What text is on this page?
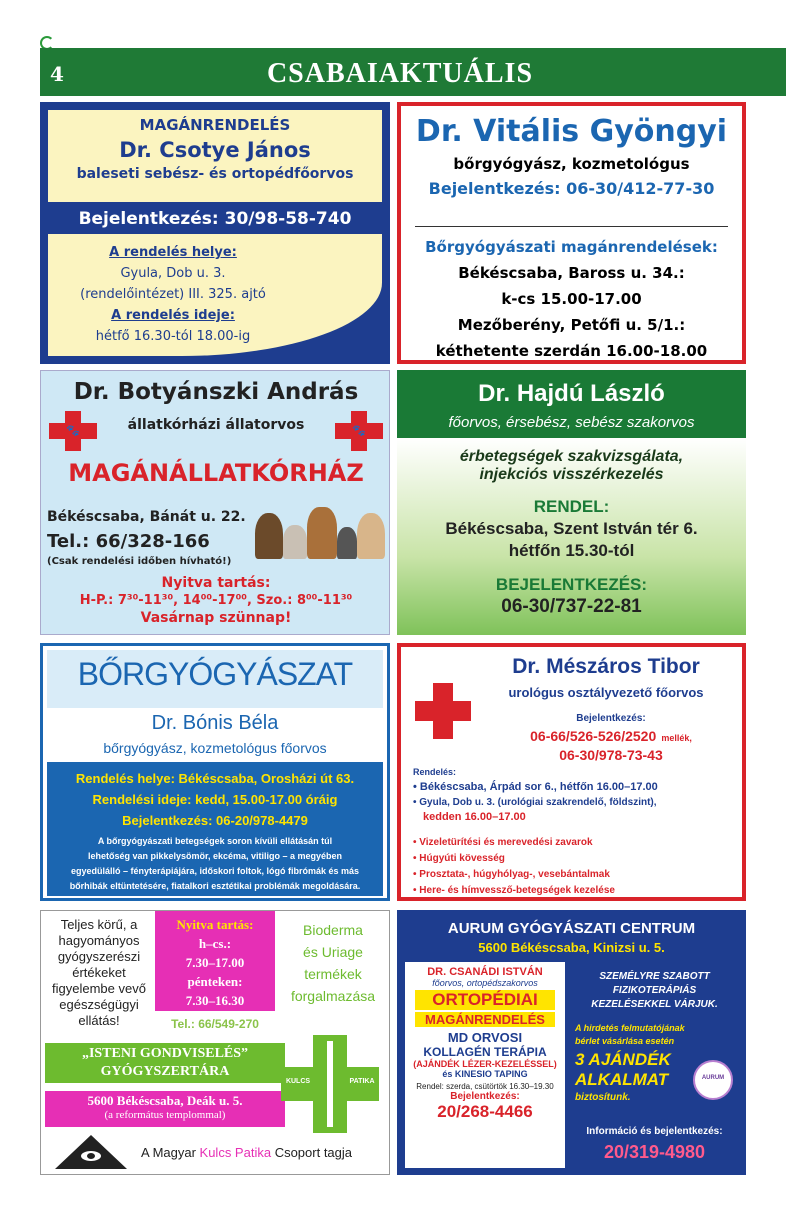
4	CSABAIAKTUÁLIS
MAGÁNRENDELÉS
Dr. Csotye János
baleseti sebész- és ortopédfőorvos
Bejelentkezés: 30/98-58-740
A rendelés helye:
Gyula, Dob u. 3.
(rendelőintézet) III. 325. ajtó
A rendelés ideje:
hétfő 16.30-tól 18.00-ig
Dr. Vitális Gyöngyi
bőrgyógyász, kozmetológus
Bejelentkezés: 06-30/412-77-30
Bőrgyógyászati magánrendelések:
Békéscsaba, Baross u. 34.:
k-cs 15.00-17.00
Mezőberény, Petőfi u. 5/1.:
kéthetente szerdán 16.00-18.00
Dr. Botyánszki András
állatkórházi állatorvos
🐾	🐾
MAGÁNÁLLATKÓRHÁZ
Békéscsaba, Bánát u. 22.
Tel.: 66/328-166
(Csak rendelési időben hívható!)
Nyitva tartás:
H-P.: 7³⁰-11³⁰, 14⁰⁰-17⁰⁰, Szo.: 8⁰⁰-11³⁰
Vasárnap szünnap!
Dr. Hajdú László
főorvos, érsebész, sebész szakorvos
érbetegségek szakvizsgálata,
injekciós visszérkezelés
RENDEL:
Békéscsaba, Szent István tér 6.
hétfőn 15.30-tól
BEJELENTKEZÉS:
06-30/737-22-81
BŐRGYÓGYÁSZAT
Dr. Bónis Béla
bőrgyógyász, kozmetológus főorvos
Rendelés helye: Békéscsaba, Orosházi út 63.
Rendelési ideje: kedd, 15.00-17.00 óráig
Bejelentkezés: 06-20/978-4479
A bőrgyógyászati betegségek soron kívüli ellátásán túl
lehetőség van pikkelysömör, ekcéma, vitiligo – a megyében
egyedülálló – fényterápiájára, időskori foltok, lógó fibrómák és más
bőrhibák eltüntetésére, fiatalkori esztétikai problémák megoldására.
Dr. Mészáros Tibor
urológus osztályvezető főorvos
Bejelentkezés:
06-66/526-526/2520 mellék,
06-30/978-73-43
Rendelés:
• Békéscsaba, Árpád sor 6., hétfőn 16.00–17.00
• Gyula, Dob u. 3. (urológiai szakrendelő, földszint),
kedden 16.00–17.00
• Vizeletürítési és merevedési zavarok
• Húgyúti kövesség
• Prosztata-, húgyhólyag-, vesebántalmak
• Here- és hímvessző-betegségek kezelése
Teljes körű, a
hagyományos
gyógyszerészi
értékeket
figyelembe vevő
egészségügyi
ellátás!
Nyitva tartás:
h–cs.:
7.30–17.00
pénteken:
7.30–16.30
Tel.: 66/549-270
Bioderma
és Uriage
termékek
forgalmazása
„ISTENI GONDVISELÉS”
GYÓGYSZERTÁRA
5600 Békéscsaba, Deák u. 5.
(a református templommal)
KULCS	PATIKA
A Magyar Kulcs Patika Csoport tagja
AURUM GYÓGYÁSZATI CENTRUM
5600 Békéscsaba, Kinizsi u. 5.
DR. CSANÁDI ISTVÁN
főorvos, ortopédszakorvos
ORTOPÉDIAI
MAGÁNRENDELÉS
MD ORVOSI
KOLLAGÉN TERÁPIA
(AJÁNDÉK LÉZER-KEZELÉSSEL)
és KINESIO TAPING
Rendel: szerda, csütörtök 16.30–19.30
Bejelentkezés:
20/268-4466
SZEMÉLYRE SZABOTT
FIZIKOTERÁPIÁS
KEZELÉSEKKEL VÁRJUK.
A hirdetés felmutatójának
bérlet vásárlása esetén
3 AJÁNDÉK
ALKALMAT	AURUM
biztosítunk.
Információ és bejelentkezés:
20/319-4980
